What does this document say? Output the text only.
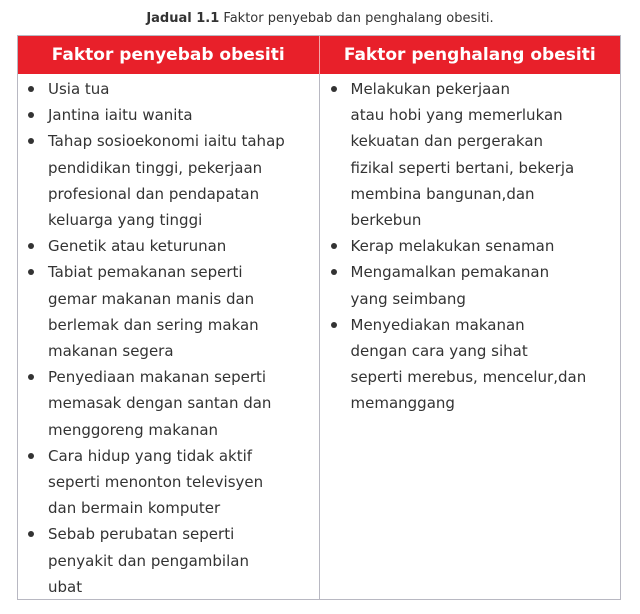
Jadual 1.1 Faktor penyebab dan penghalang obesiti.
Faktor penyebab obesiti	Faktor penghalang obesiti
Usia tua
Jantina iaitu wanita
Tahap sosioekonomi iaitu tahap
pendidikan tinggi, pekerjaan
profesional dan pendapatan
keluarga yang tinggi
Genetik atau keturunan
Tabiat pemakanan seperti
gemar makanan manis dan
berlemak dan sering makan
makanan segera
Penyediaan makanan seperti
memasak dengan santan dan
menggoreng makanan
Cara hidup yang tidak aktif
seperti menonton televisyen
dan bermain komputer
Sebab perubatan seperti
penyakit dan pengambilan
ubat
Melakukan pekerjaan
atau hobi yang memerlukan
kekuatan dan pergerakan
fizikal seperti bertani, bekerja
membina bangunan,dan
berkebun
Kerap melakukan senaman
Mengamalkan pemakanan
yang seimbang
Menyediakan makanan
dengan cara yang sihat
seperti merebus, mencelur,dan
memanggang
